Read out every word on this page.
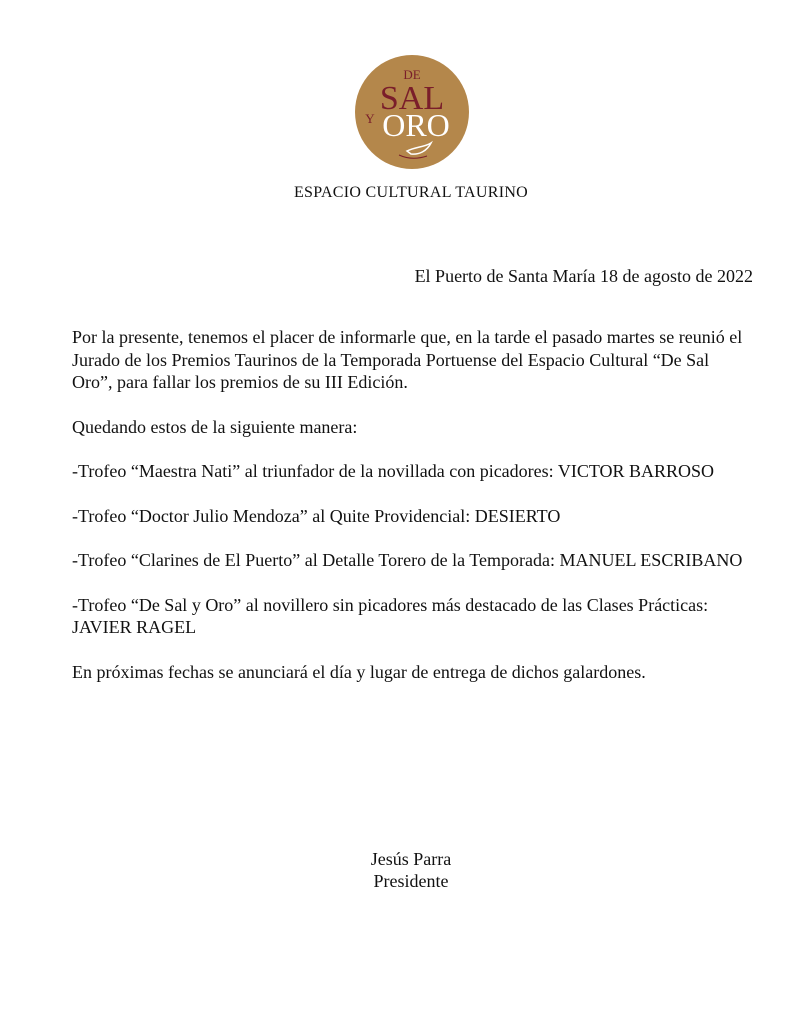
DE
SAL
Y ORO
ESPACIO CULTURAL TAURINO
El Puerto de Santa María 18 de agosto de 2022

Por la presente, tenemos el placer de informarle que, en la tarde el pasado martes se reunió el Jurado de los Premios Taurinos de la Temporada Portuense del Espacio Cultural “De Sal Oro”, para fallar los premios de su III Edición.

Quedando estos de la siguiente manera:

-Trofeo “Maestra Nati” al triunfador de la novillada con picadores: VICTOR BARROSO

-Trofeo “Doctor Julio Mendoza” al Quite Providencial: DESIERTO

-Trofeo “Clarines de El Puerto” al Detalle Torero de la Temporada: MANUEL ESCRIBANO

-Trofeo “De Sal y Oro” al novillero sin picadores más destacado de las Clases Prácticas: JAVIER RAGEL

En próximas fechas se anunciará el día y lugar de entrega de dichos galardones.

Jesús Parra
Presidente
